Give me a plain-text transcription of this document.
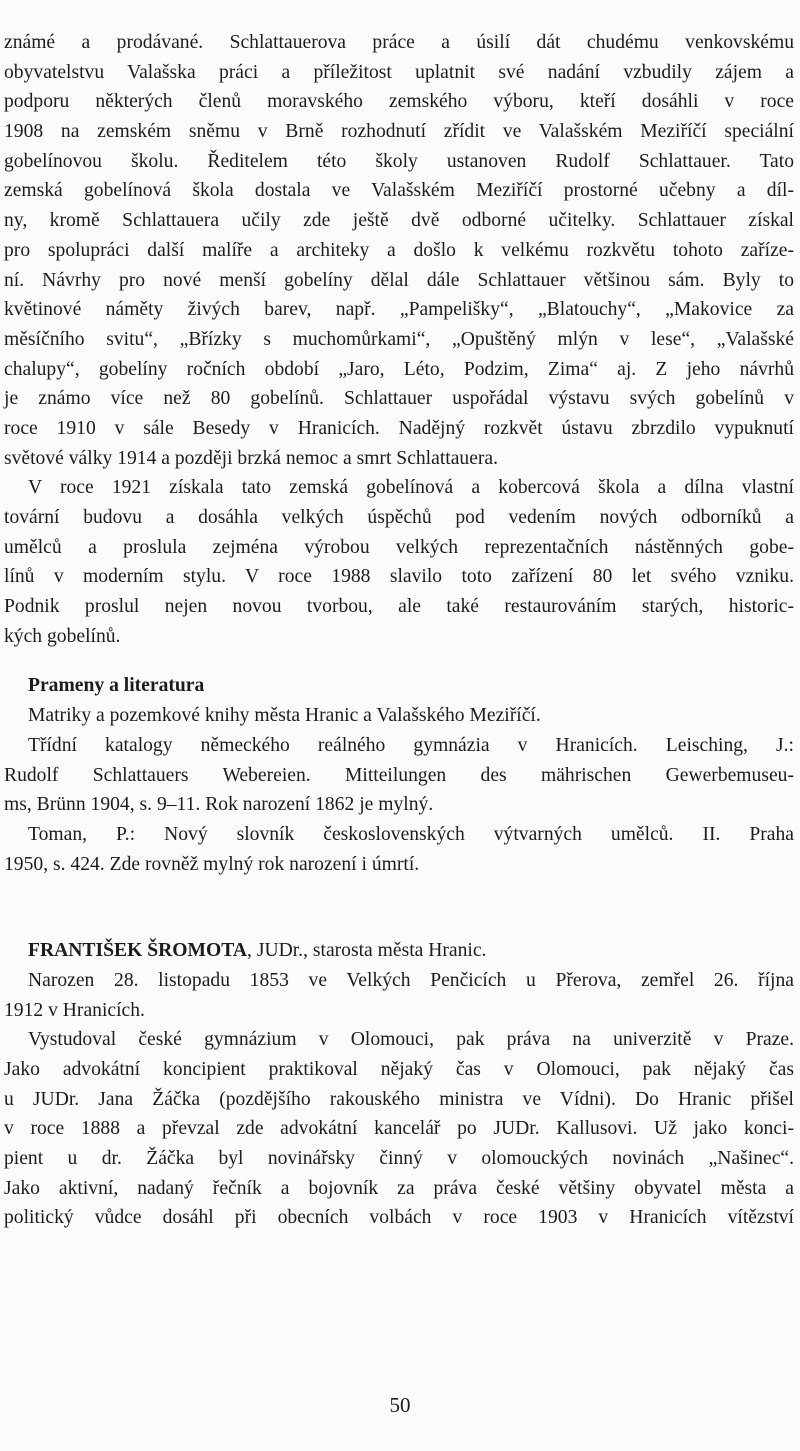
známé a prodávané. Schlattauerova práce a úsilí dát chudému venkovskému
obyvatelstvu Valašska práci a příležitost uplatnit své nadání vzbudily zájem a
podporu některých členů moravského zemského výboru, kteří dosáhli v roce
1908 na zemském sněmu v Brně rozhodnutí zřídit ve Valašském Meziříčí speciální
gobelínovou školu. Ředitelem této školy ustanoven Rudolf Schlattauer. Tato
zemská gobelínová škola dostala ve Valašském Meziříčí prostorné učebny a díl-
ny, kromě Schlattauera učily zde ještě dvě odborné učitelky. Schlattauer získal
pro spolupráci další malíře a architeky a došlo k velkému rozkvětu tohoto zaříze-
ní. Návrhy pro nové menší gobelíny dělal dále Schlattauer většinou sám. Byly to
květinové náměty živých barev, např. „Pampelišky“, „Blatouchy“, „Makovice za
měsíčního svitu“, „Břízky s muchomůrkami“, „Opuštěný mlýn v lese“, „Valašské
chalupy“, gobelíny ročních období „Jaro, Léto, Podzim, Zima“ aj. Z jeho návrhů
je známo více než 80 gobelínů. Schlattauer uspořádal výstavu svých gobelínů v
roce 1910 v sále Besedy v Hranicích. Nadějný rozkvět ústavu zbrzdilo vypuknutí
světové války 1914 a později brzká nemoc a smrt Schlattauera.
V roce 1921 získala tato zemská gobelínová a kobercová škola a dílna vlastní
tovární budovu a dosáhla velkých úspěchů pod vedením nových odborníků a
umělců a proslula zejména výrobou velkých reprezentačních nástěnných gobe-
línů v moderním stylu. V roce 1988 slavilo toto zařízení 80 let svého vzniku.
Podnik proslul nejen novou tvorbou, ale také restaurováním starých, historic-
kých gobelínů.
Prameny a literatura
Matriky a pozemkové knihy města Hranic a Valašského Meziříčí.
Třídní katalogy německého reálného gymnázia v Hranicích. Leisching, J.:
Rudolf Schlattauers Webereien. Mitteilungen des mährischen Gewerbemuseu-
ms, Brünn 1904, s. 9–11. Rok narození 1862 je mylný.
Toman, P.: Nový slovník československých výtvarných umělců. II. Praha
1950, s. 424. Zde rovněž mylný rok narození i úmrtí.
FRANTIŠEK ŠROMOTA, JUDr., starosta města Hranic.
Narozen 28. listopadu 1853 ve Velkých Penčicích u Přerova, zemřel 26. října
1912 v Hranicích.
Vystudoval české gymnázium v Olomouci, pak práva na univerzitě v Praze.
Jako advokátní koncipient praktikoval nějaký čas v Olomouci, pak nějaký čas
u JUDr. Jana Žáčka (pozdějšího rakouského ministra ve Vídni). Do Hranic přišel
v roce 1888 a převzal zde advokátní kancelář po JUDr. Kallusovi. Už jako konci-
pient u dr. Žáčka byl novinářsky činný v olomouckých novinách „Našinec“.
Jako aktivní, nadaný řečník a bojovník za práva české většiny obyvatel města a
politický vůdce dosáhl při obecních volbách v roce 1903 v Hranicích vítězství
50
